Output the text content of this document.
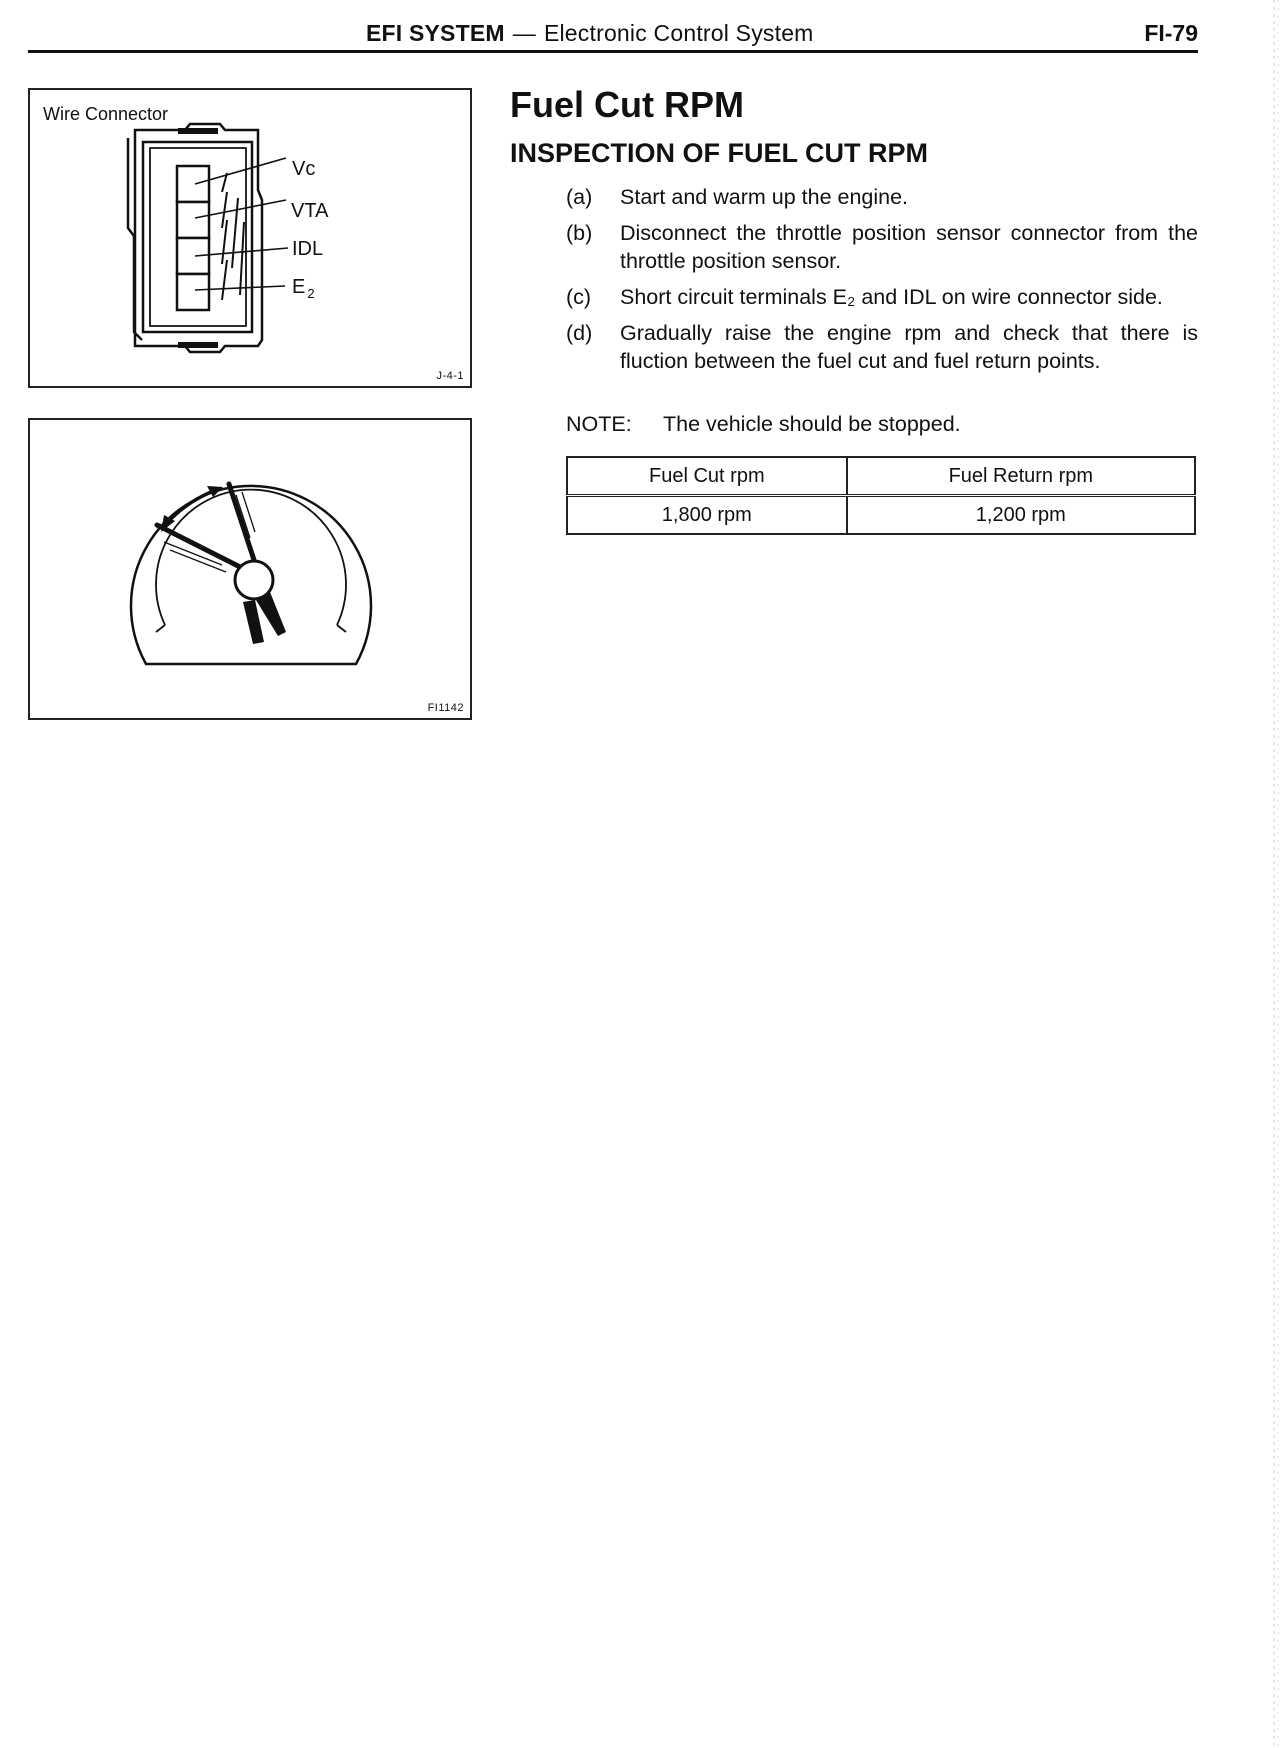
EFI SYSTEM — Electronic Control System	FI-79
Vc
VTA
IDL
E $_2$
Wire Connector
J-4-1
FI1142
Fuel Cut RPM
INSPECTION OF FUEL CUT RPM
(a) Start and warm up the engine.
(b) Disconnect the throttle position sensor connector from the throttle position sensor.
(c) Short circuit terminals E₂ and IDL on wire connector side.
(d) Gradually raise the engine rpm and check that there is fluction between the fuel cut and fuel return points.
NOTE: The vehicle should be stopped.
Fuel Cut rpm	Fuel Return rpm
1,800 rpm	1,200 rpm
